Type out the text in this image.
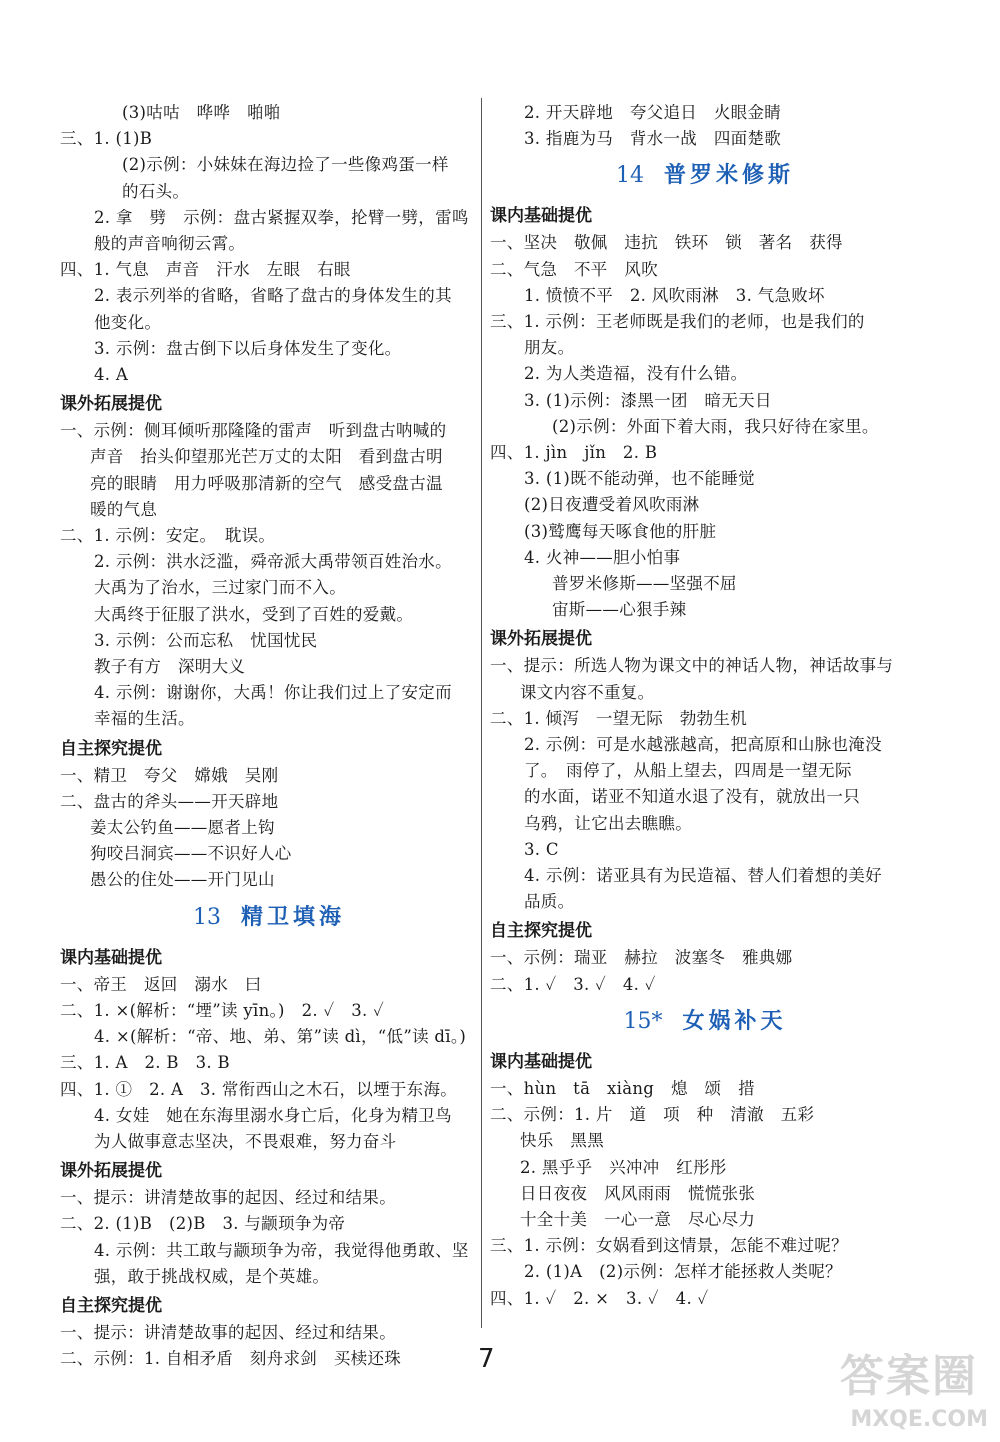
(3)咕咕　哗哗　啪啪
三、1. (1)B
(2)示例：小妹妹在海边捡了一些像鸡蛋一样
的石头。
2. 拿　劈　示例：盘古紧握双拳，抡臂一劈，雷鸣
般的声音响彻云霄。
四、1. 气息　声音　汗水　左眼　右眼
2. 表示列举的省略，省略了盘古的身体发生的其
他变化。
3. 示例：盘古倒下以后身体发生了变化。
4. A
课外拓展提优
一、示例：侧耳倾听那隆隆的雷声　听到盘古呐喊的
声音　抬头仰望那光芒万丈的太阳　看到盘古明
亮的眼睛　用力呼吸那清新的空气　感受盘古温
暖的气息
二、1. 示例：安定。　耽误。
2. 示例：洪水泛滥，舜帝派大禹带领百姓治水。
大禹为了治水，三过家门而不入。
大禹终于征服了洪水，受到了百姓的爱戴。
3. 示例：公而忘私　忧国忧民
教子有方　深明大义
4. 示例：谢谢你，大禹！你让我们过上了安定而
幸福的生活。
自主探究提优
一、精卫　夸父　嫦娥　吴刚
二、盘古的斧头——开天辟地
姜太公钓鱼——愿者上钩
狗咬吕洞宾——不识好人心
愚公的住处——开门见山
13 精卫填海
课内基础提优
一、帝王　返回　溺水　曰
二、1. ×(解析：“堙”读 yīn。)　2. ✓　3. ✓
4. ×(解析：“帝、地、弟、第”读 dì，“低”读 dī。)
三、1. A　2. B　3. B
四、1. ①　2. A　3. 常衔西山之木石，以堙于东海。
4. 女娃　她在东海里溺水身亡后，化身为精卫鸟
为人做事意志坚决，不畏艰难，努力奋斗
课外拓展提优
一、提示：讲清楚故事的起因、经过和结果。
二、2. (1)B　(2)B　3. 与颛顼争为帝
4. 示例：共工敢与颛顼争为帝，我觉得他勇敢、坚
强，敢于挑战权威，是个英雄。
自主探究提优
一、提示：讲清楚故事的起因、经过和结果。
二、示例：1. 自相矛盾　刻舟求剑　买椟还珠
2. 开天辟地　夸父追日　火眼金睛
3. 指鹿为马　背水一战　四面楚歌
14 普罗米修斯
课内基础提优
一、坚决　敬佩　违抗　铁环　锁　著名　获得
二、气急　不平　风吹
1. 愤愤不平　2. 风吹雨淋　3. 气急败坏
三、1. 示例：王老师既是我们的老师，也是我们的
朋友。
2. 为人类造福，没有什么错。
3. (1)示例：漆黑一团　暗无天日
(2)示例：外面下着大雨，我只好待在家里。
四、1. jìn　jǐn　2. B
3. (1)既不能动弹，也不能睡觉
(2)日夜遭受着风吹雨淋
(3)鹫鹰每天啄食他的肝脏
4. 火神——胆小怕事
普罗米修斯——坚强不屈
宙斯——心狠手辣
课外拓展提优
一、提示：所选人物为课文中的神话人物，神话故事与
课文内容不重复。
二、1. 倾泻　一望无际　勃勃生机
2. 示例：可是水越涨越高，把高原和山脉也淹没
了。　雨停了，从船上望去，四周是一望无际
的水面，诺亚不知道水退了没有，就放出一只
乌鸦，让它出去瞧瞧。
3. C
4. 示例：诺亚具有为民造福、替人们着想的美好
品质。
自主探究提优
一、示例：瑞亚　赫拉　波塞冬　雅典娜
二、1. ✓　3. ✓　4. ✓
15* 女娲补天
课内基础提优
一、hùn　tā　xiàng　熄　颂　措
二、示例：1. 片　道　项　种　清澈　五彩
快乐　黑黑
2. 黑乎乎　兴冲冲　红彤彤
日日夜夜　风风雨雨　慌慌张张
十全十美　一心一意　尽心尽力
三、1. 示例：女娲看到这情景，怎能不难过呢？
2. (1)A　(2)示例：怎样才能拯救人类呢？
四、1. ✓　2. ×　3. ✓　4. ✓
7	答案圈
MXQE.COM
